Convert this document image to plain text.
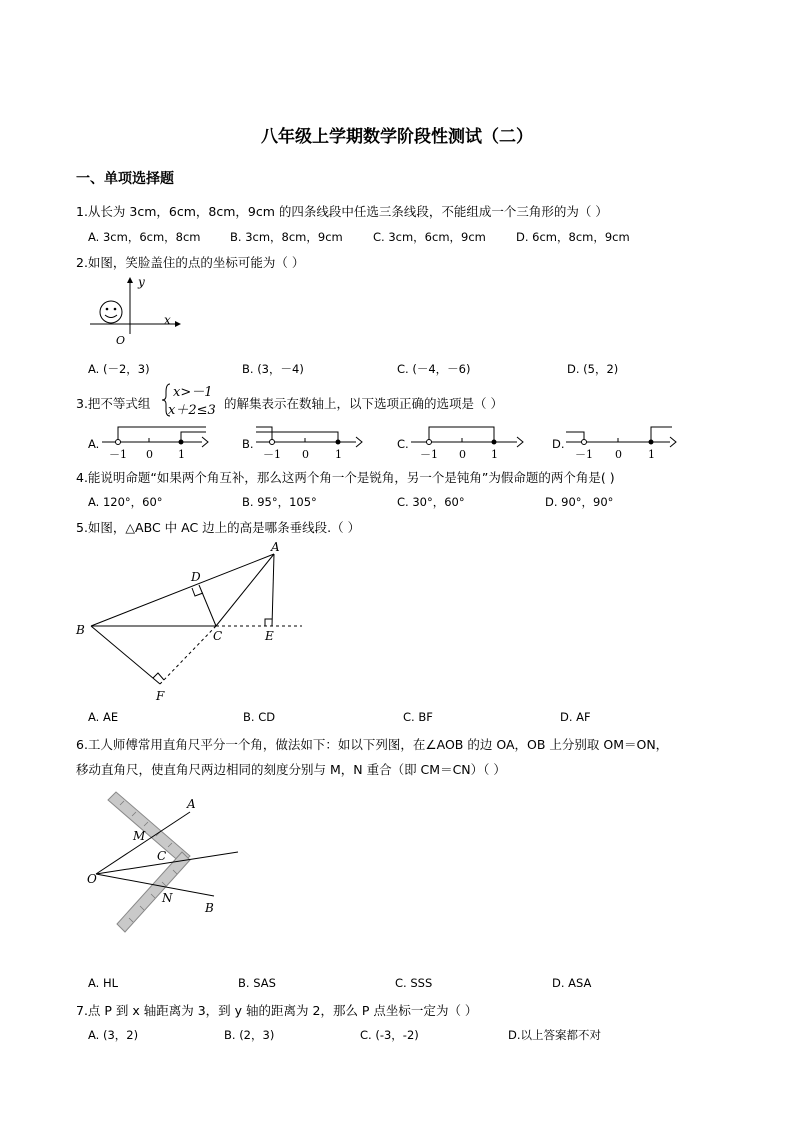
八年级上学期数学阶段性测试（二）
一、单项选择题
1.从长为 3cm，6cm，8cm，9cm 的四条线段中任选三条线段，不能组成一个三角形的为（ ）
A. 3cm，6cm，8cm	B. 3cm，8cm，9cm	C. 3cm，6cm，9cm	D. 6cm，8cm，9cm
2.如图，笑脸盖住的点的坐标可能为（ ）
y
x
O
A. (－2，3)	B. (3，－4)	C. (－4，－6)	D. (5，2)
3.把不等式组
x>－1
x＋2≤3 的解集表示在数轴上，以下选项正确的选项是（ ）
A.
－1 0 1
B.
－1 0 1
C.
－1 0 1
D.
－1 0 1
4.能说明命题“如果两个角互补，那么这两个角一个是锐角，另一个是钝角”为假命题的两个角是( )
A. 120°，60°	B. 95°，105°	C. 30°，60°	D. 90°，90°
5.如图，△ABC 中 AC 边上的高是哪条垂线段.（ ）
A
B	C
D
E
F
A. AE	B. CD	C. BF	D. AF
6.工人师傅常用直角尺平分一个角，做法如下：如以下列图，在∠AOB 的边 OA，OB 上分别取 OM＝ON，
移动直角尺，使直角尺两边相同的刻度分别与 M，N 重合（即 CM＝CN）（ ）
A
B
C
M
N
O
A. HL	B. SAS	C. SSS	D. ASA
7.点 P 到 x 轴距离为 3，到 y 轴的距离为 2，那么 P 点坐标一定为（ ）
A. (3，2)	B. (2，3)	C. (-3，-2)	D.以上答案都不对
